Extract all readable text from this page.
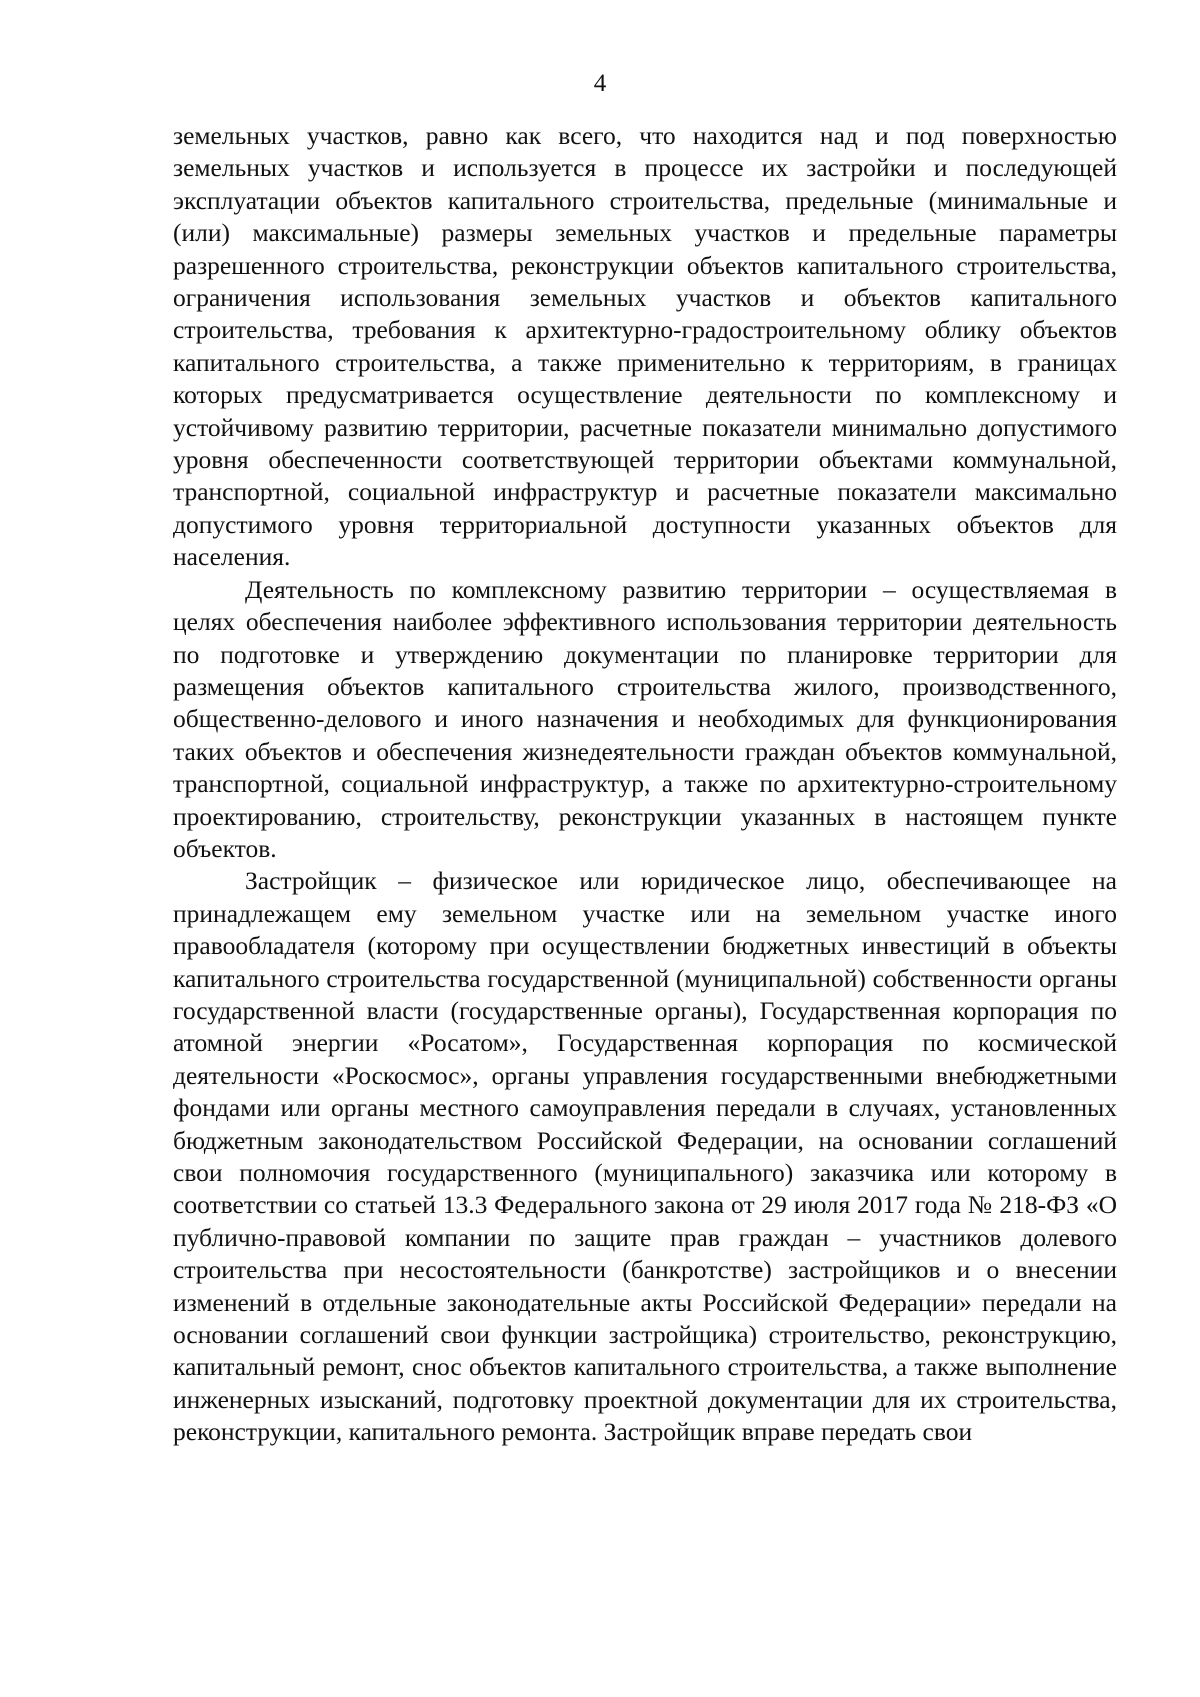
4

земельных участков, равно как всего, что находится над и под поверхностью земельных участков и используется в процессе их застройки и последующей эксплуатации объектов капитального строительства, предельные (минимальные и (или) максимальные) размеры земельных участков и предельные параметры разрешенного строительства, реконструкции объектов капитального строительства, ограничения использования земельных участков и объектов капитального строительства, требования к архитектурно-градостроительному облику объектов капитального строительства, а также применительно к территориям, в границах которых предусматривается осуществление деятельности по комплексному и устойчивому развитию территории, расчетные показатели минимально допустимого уровня обеспеченности соответствующей территории объектами коммунальной, транспортной, социальной инфраструктур и расчетные показатели максимально допустимого уровня территориальной доступности указанных объектов для населения.

Деятельность по комплексному развитию территории – осуществляемая в целях обеспечения наиболее эффективного использования территории деятельность по подготовке и утверждению документации по планировке территории для размещения объектов капитального строительства жилого, производственного, общественно-делового и иного назначения и необходимых для функционирования таких объектов и обеспечения жизнедеятельности граждан объектов коммунальной, транспортной, социальной инфраструктур, а также по архитектурно-строительному проектированию, строительству, реконструкции указанных в настоящем пункте объектов.

Застройщик – физическое или юридическое лицо, обеспечивающее на принадлежащем ему земельном участке или на земельном участке иного правообладателя (которому при осуществлении бюджетных инвестиций в объекты капитального строительства государственной (муниципальной) собственности органы государственной власти (государственные органы), Государственная корпорация по атомной энергии «Росатом», Государственная корпорация по космической деятельности «Роскосмос», органы управления государственными внебюджетными фондами или органы местного самоуправления передали в случаях, установленных бюджетным законодательством Российской Федерации, на основании соглашений свои полномочия государственного (муниципального) заказчика или которому в соответствии со статьей 13.3 Федерального закона от 29 июля 2017 года № 218-ФЗ «О публично-правовой компании по защите прав граждан – участников долевого строительства при несостоятельности (банкротстве) застройщиков и о внесении изменений в отдельные законодательные акты Российской Федерации» передали на основании соглашений свои функции застройщика) строительство, реконструкцию, капитальный ремонт, снос объектов капитального строительства, а также выполнение инженерных изысканий, подготовку проектной документации для их строительства, реконструкции, капитального ремонта. Застройщик вправе передать свои
